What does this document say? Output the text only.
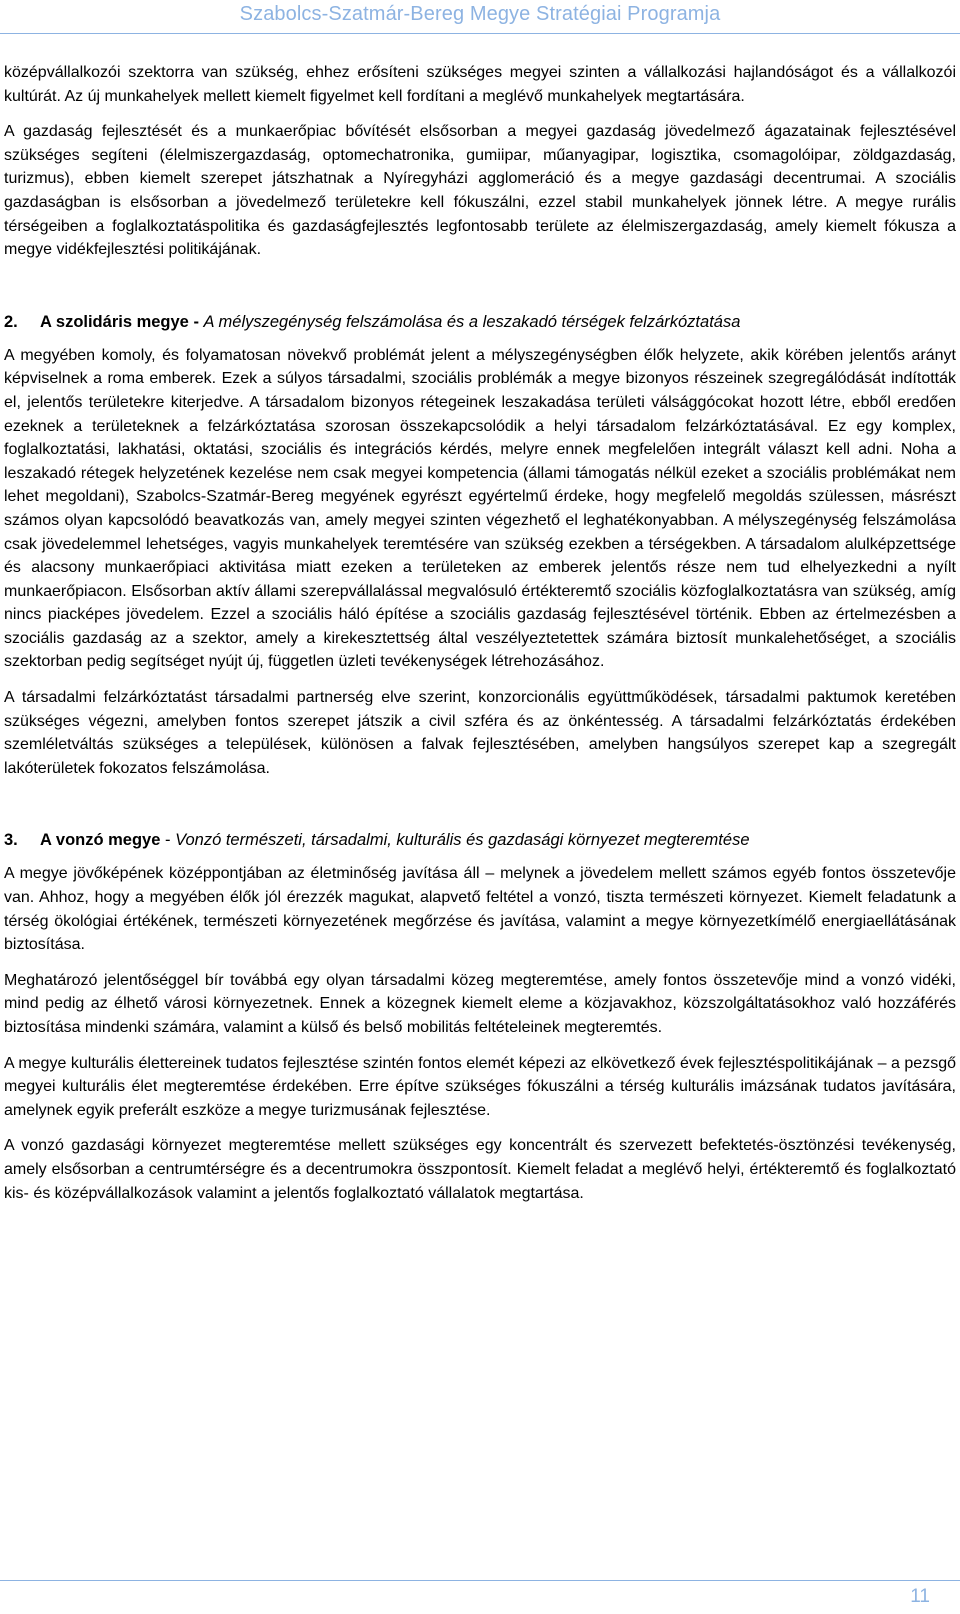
Szabolcs-Szatmár-Bereg Megye Stratégiai Programja

középvállalkozói szektorra van szükség, ehhez erősíteni szükséges megyei szinten a vállalkozási hajlandóságot és a vállalkozói kultúrát. Az új munkahelyek mellett kiemelt figyelmet kell fordítani a meglévő munkahelyek megtartására.

A gazdaság fejlesztését és a munkaerőpiac bővítését elsősorban a megyei gazdaság jövedelmező ágazatainak fejlesztésével szükséges segíteni (élelmiszergazdaság, optomechatronika, gumiipar, műanyagipar, logisztika, csomagolóipar, zöldgazdaság, turizmus), ebben kiemelt szerepet játszhatnak a Nyíregyházi agglomeráció és a megye gazdasági decentrumai. A szociális gazdaságban is elsősorban a jövedelmező területekre kell fókuszálni, ezzel stabil munkahelyek jönnek létre. A megye rurális térségeiben a foglalkoztatáspolitika és gazdaságfejlesztés legfontosabb területe az élelmiszergazdaság, amely kiemelt fókusza a megye vidékfejlesztési politikájának.

2. A szolidáris megye - A mélyszegénység felszámolása és a leszakadó térségek felzárkóztatása

A megyében komoly, és folyamatosan növekvő problémát jelent a mélyszegénységben élők helyzete, akik körében jelentős arányt képviselnek a roma emberek. Ezek a súlyos társadalmi, szociális problémák a megye bizonyos részeinek szegregálódását indították el, jelentős területekre kiterjedve. A társadalom bizonyos rétegeinek leszakadása területi válsággócokat hozott létre, ebből eredően ezeknek a területeknek a felzárkóztatása szorosan összekapcsolódik a helyi társadalom felzárkóztatásával. Ez egy komplex, foglalkoztatási, lakhatási, oktatási, szociális és integrációs kérdés, melyre ennek megfelelően integrált választ kell adni. Noha a leszakadó rétegek helyzetének kezelése nem csak megyei kompetencia (állami támogatás nélkül ezeket a szociális problémákat nem lehet megoldani), Szabolcs-Szatmár-Bereg megyének egyrészt egyértelmű érdeke, hogy megfelelő megoldás szülessen, másrészt számos olyan kapcsolódó beavatkozás van, amely megyei szinten végezhető el leghatékonyabban. A mélyszegénység felszámolása csak jövedelemmel lehetséges, vagyis munkahelyek teremtésére van szükség ezekben a térségekben. A társadalom alulképzettsége és alacsony munkaerőpiaci aktivitása miatt ezeken a területeken az emberek jelentős része nem tud elhelyezkedni a nyílt munkaerőpiacon. Elsősorban aktív állami szerepvállalással megvalósuló értékteremtő szociális közfoglalkoztatásra van szükség, amíg nincs piacképes jövedelem. Ezzel a szociális háló építése a szociális gazdaság fejlesztésével történik. Ebben az értelmezésben a szociális gazdaság az a szektor, amely a kirekesztettség által veszélyeztetettek számára biztosít munkalehetőséget, a szociális szektorban pedig segítséget nyújt új, független üzleti tevékenységek létrehozásához.

A társadalmi felzárkóztatást társadalmi partnerség elve szerint, konzorcionális együttműködések, társadalmi paktumok keretében szükséges végezni, amelyben fontos szerepet játszik a civil szféra és az önkéntesség. A társadalmi felzárkóztatás érdekében szemléletváltás szükséges a települések, különösen a falvak fejlesztésében, amelyben hangsúlyos szerepet kap a szegregált lakóterületek fokozatos felszámolása.

3. A vonzó megye - Vonzó természeti, társadalmi, kulturális és gazdasági környezet megteremtése

A megye jövőképének középpontjában az életminőség javítása áll – melynek a jövedelem mellett számos egyéb fontos összetevője van. Ahhoz, hogy a megyében élők jól érezzék magukat, alapvető feltétel a vonzó, tiszta természeti környezet. Kiemelt feladatunk a térség ökológiai értékének, természeti környezetének megőrzése és javítása, valamint a megye környezetkímélő energiaellátásának biztosítása.

Meghatározó jelentőséggel bír továbbá egy olyan társadalmi közeg megteremtése, amely fontos összetevője mind a vonzó vidéki, mind pedig az élhető városi környezetnek. Ennek a közegnek kiemelt eleme a közjavakhoz, közszolgáltatásokhoz való hozzáférés biztosítása mindenki számára, valamint a külső és belső mobilitás feltételeinek megteremtés.

A megye kulturális élettereinek tudatos fejlesztése szintén fontos elemét képezi az elkövetkező évek fejlesztéspolitikájának – a pezsgő megyei kulturális élet megteremtése érdekében. Erre építve szükséges fókuszálni a térség kulturális imázsának tudatos javítására, amelynek egyik preferált eszköze a megye turizmusának fejlesztése.

A vonzó gazdasági környezet megteremtése mellett szükséges egy koncentrált és szervezett befektetés-ösztönzési tevékenység, amely elsősorban a centrumtérségre és a decentrumokra összpontosít. Kiemelt feladat a meglévő helyi, értékteremtő és foglalkoztató kis- és középvállalkozások valamint a jelentős foglalkoztató vállalatok megtartása.

11
